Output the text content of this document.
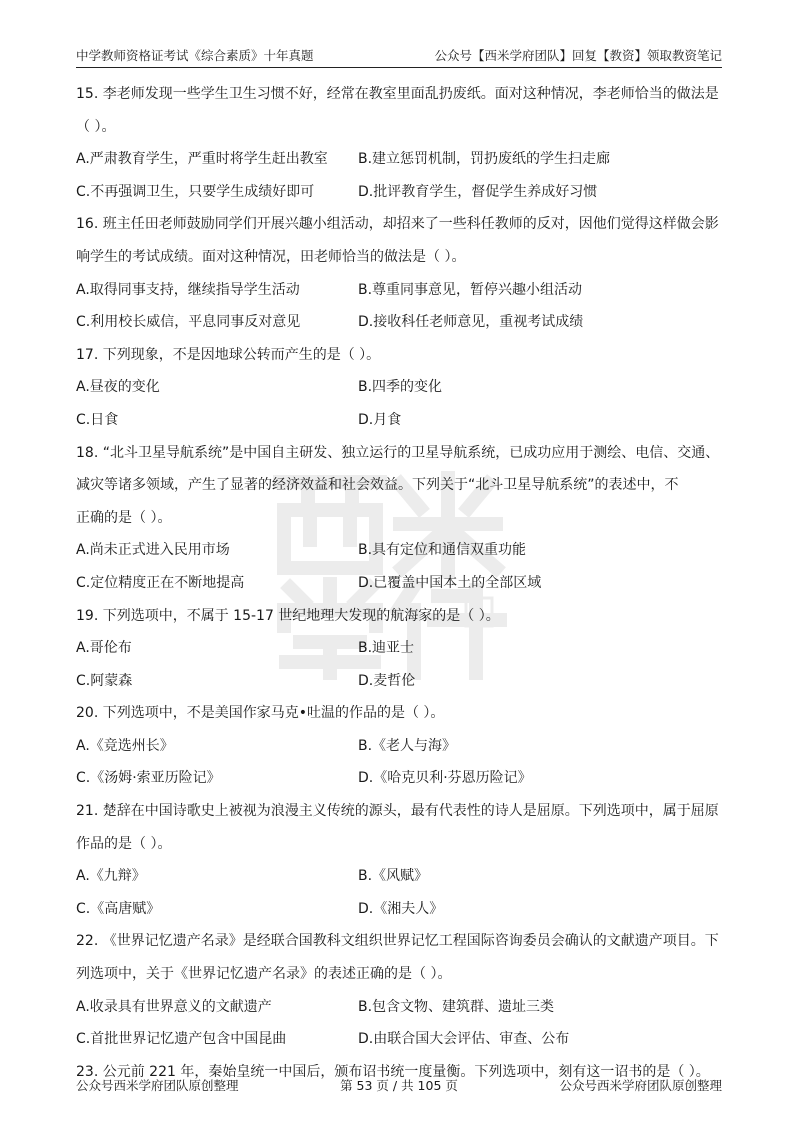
中学教师资格证考试《综合素质》十年真题	公众号【西米学府团队】回复【教资】领取教资笔记
15. 李老师发现一些学生卫生习惯不好，经常在教室里面乱扔废纸。面对这种情况，李老师恰当的做法是
（ ）。
A.严肃教育学生，严重时将学生赶出教室	B.建立惩罚机制，罚扔废纸的学生扫走廊
C.不再强调卫生，只要学生成绩好即可	D.批评教育学生，督促学生养成好习惯
16. 班主任田老师鼓励同学们开展兴趣小组活动，却招来了一些科任教师的反对，因他们觉得这样做会影
响学生的考试成绩。面对这种情况，田老师恰当的做法是（ ）。
A.取得同事支持，继续指导学生活动	B.尊重同事意见，暂停兴趣小组活动
C.利用校长威信，平息同事反对意见	D.接收科任老师意见，重视考试成绩
17. 下列现象，不是因地球公转而产生的是（ ）。
A.昼夜的变化	B.四季的变化
C.日食	D.月食
18. “北斗卫星导航系统”是中国自主研发、独立运行的卫星导航系统，已成功应用于测绘、电信、交通、
减灾等诸多领域，产生了显著的经济效益和社会效益。下列关于“北斗卫星导航系统”的表述中，不
正确的是（ ）。
A.尚未正式进入民用市场	B.具有定位和通信双重功能
C.定位精度正在不断地提高	D.已覆盖中国本土的全部区域
19. 下列选项中，不属于 15-17 世纪地理大发现的航海家的是（ ）。
A.哥伦布	B.迪亚士
C.阿蒙森	D.麦哲伦
20. 下列选项中，不是美国作家马克•吐温的作品的是（ ）。
A.《竞选州长》	B.《老人与海》
C.《汤姆·索亚历险记》	D.《哈克贝利·芬恩历险记》
21. 楚辞在中国诗歌史上被视为浪漫主义传统的源头，最有代表性的诗人是屈原。下列选项中，属于屈原
作品的是（ ）。
A.《九辩》	B.《风赋》
C.《高唐赋》	D.《湘夫人》
22. 《世界记忆遗产名录》是经联合国教科文组织世界记忆工程国际咨询委员会确认的文献遗产项目。下
列选项中，关于《世界记忆遗产名录》的表述正确的是（ ）。
A.收录具有世界意义的文献遗产	B.包含文物、建筑群、遗址三类
C.首批世界记忆遗产包含中国昆曲	D.由联合国大会评估、审查、公布
23. 公元前 221 年，秦始皇统一中国后，颁布诏书统一度量衡。下列选项中，刻有这一诏书的是（ ）。
公众号西米学府团队原创整理	第 53 页 / 共 105 页	公众号西米学府团队原创整理
